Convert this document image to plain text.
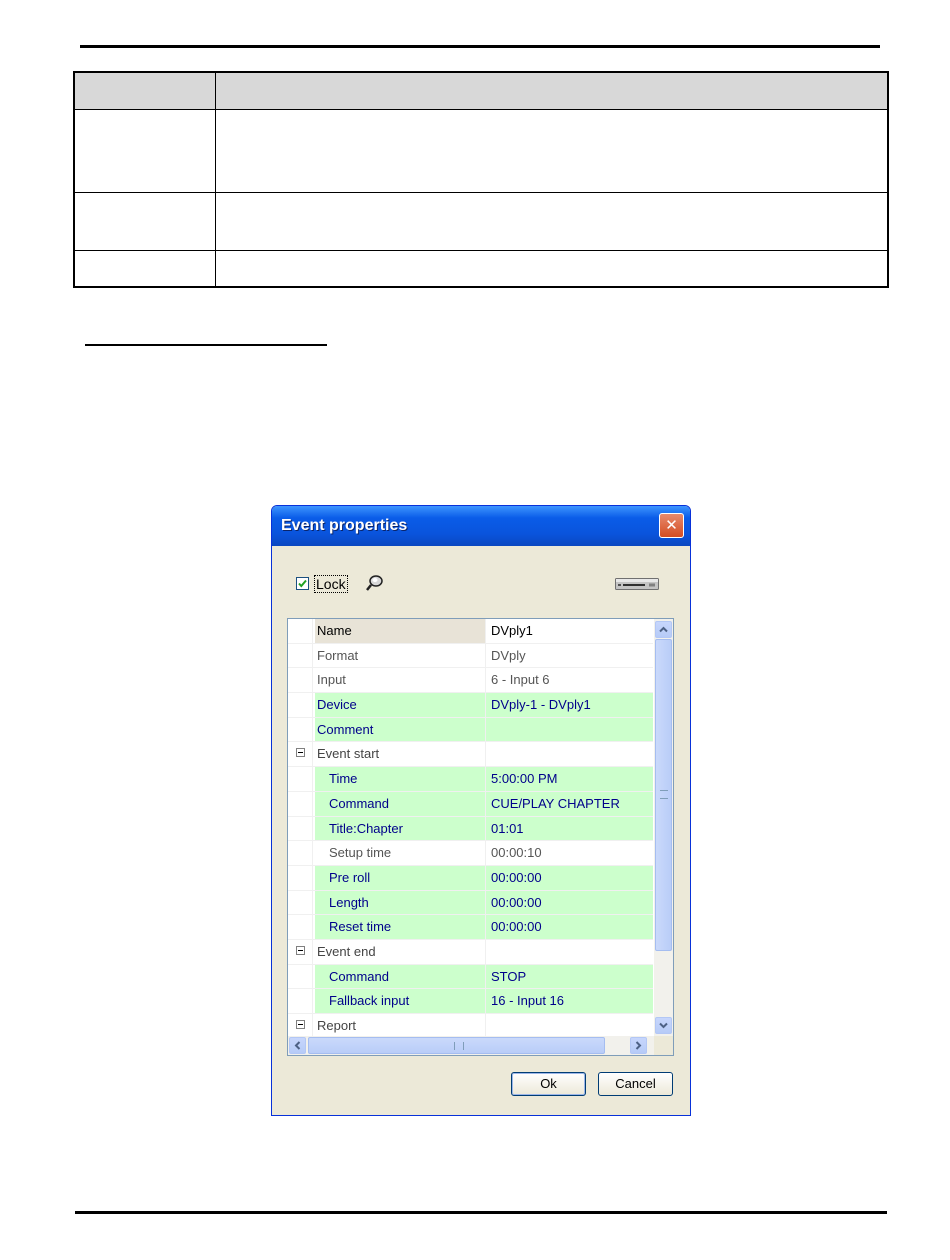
Event properties	✕
Lock
Name	DVply1
Format	DVply
Input	6 - Input 6
Device	DVply-1 - DVply1
Comment
Event start
Time	5:00:00 PM
Command	CUE/PLAY CHAPTER
Title:Chapter	01:01
Setup time	00:00:10
Pre roll	00:00:00
Length	00:00:00
Reset time	00:00:00
Event end
Command	STOP
Fallback input	16 - Input 16
Report
Ok	Cancel
